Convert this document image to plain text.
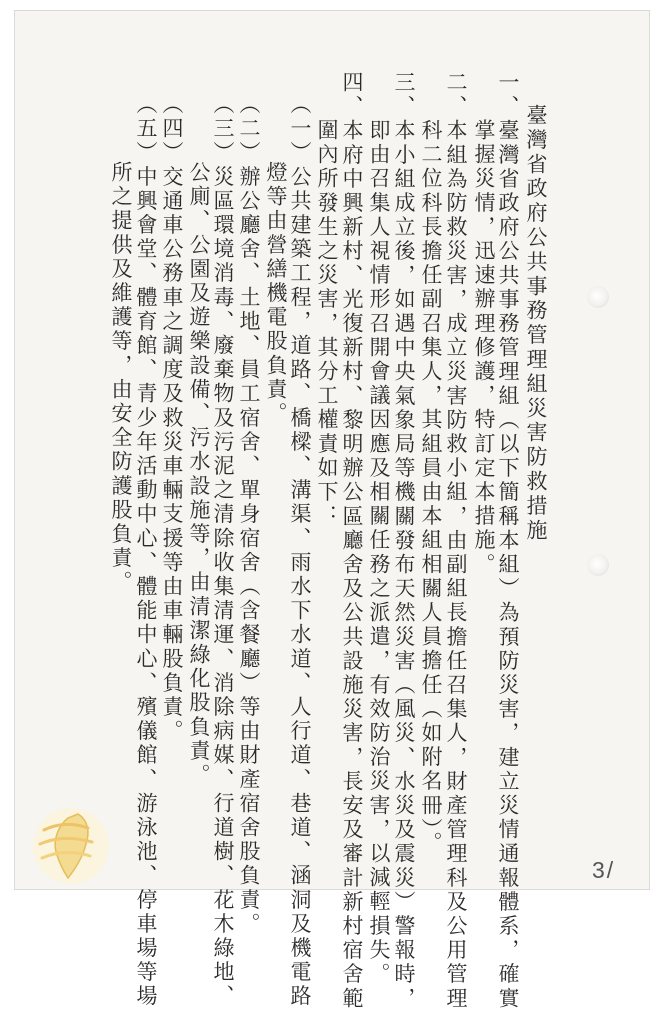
臺灣省政府公共事務管理組災害防救措施
一、臺灣省政府公共事務管理組（以下簡稱本組）為預防災害，建立災情通報體系，確實
掌握災情，迅速辦理修護，特訂定本措施。
二、本組為防救災害，成立災害防救小組，由副組長擔任召集人，財產管理科及公用管理
科二位科長擔任副召集人，其組員由本組相關人員擔任（如附名冊）。
三、本小組成立後，如遇中央氣象局等機關發布天然災害（風災、水災及震災）警報時，
即由召集人視情形召開會議因應及相關任務之派遣，有效防治災害，以減輕損失。
四、本府中興新村、光復新村、黎明辦公區廳舍及公共設施災害，長安及審計新村宿舍範
圍內所發生之災害，其分工權責如下：
（一）公共建築工程，道路、橋樑、溝渠、雨水下水道、人行道、巷道、涵洞及機電路
燈等由營繕機電股負責。
（二）辦公廳舍、土地、員工宿舍、單身宿舍（含餐廳）等由財產宿舍股負責。
（三）災區環境消毒、廢棄物及污泥之清除收集清運、消除病媒、行道樹、花木綠地、
公廁、公園及遊樂設備、污水設施等，由清潔綠化股負責。
（四）交通車公務車之調度及救災車輛支援等由車輛股負責。
（五）中興會堂、體育館、青少年活動中心、體能中心、殯儀館、游泳池、停車場等場
所之提供及維護等，由安全防護股負責。
3/
